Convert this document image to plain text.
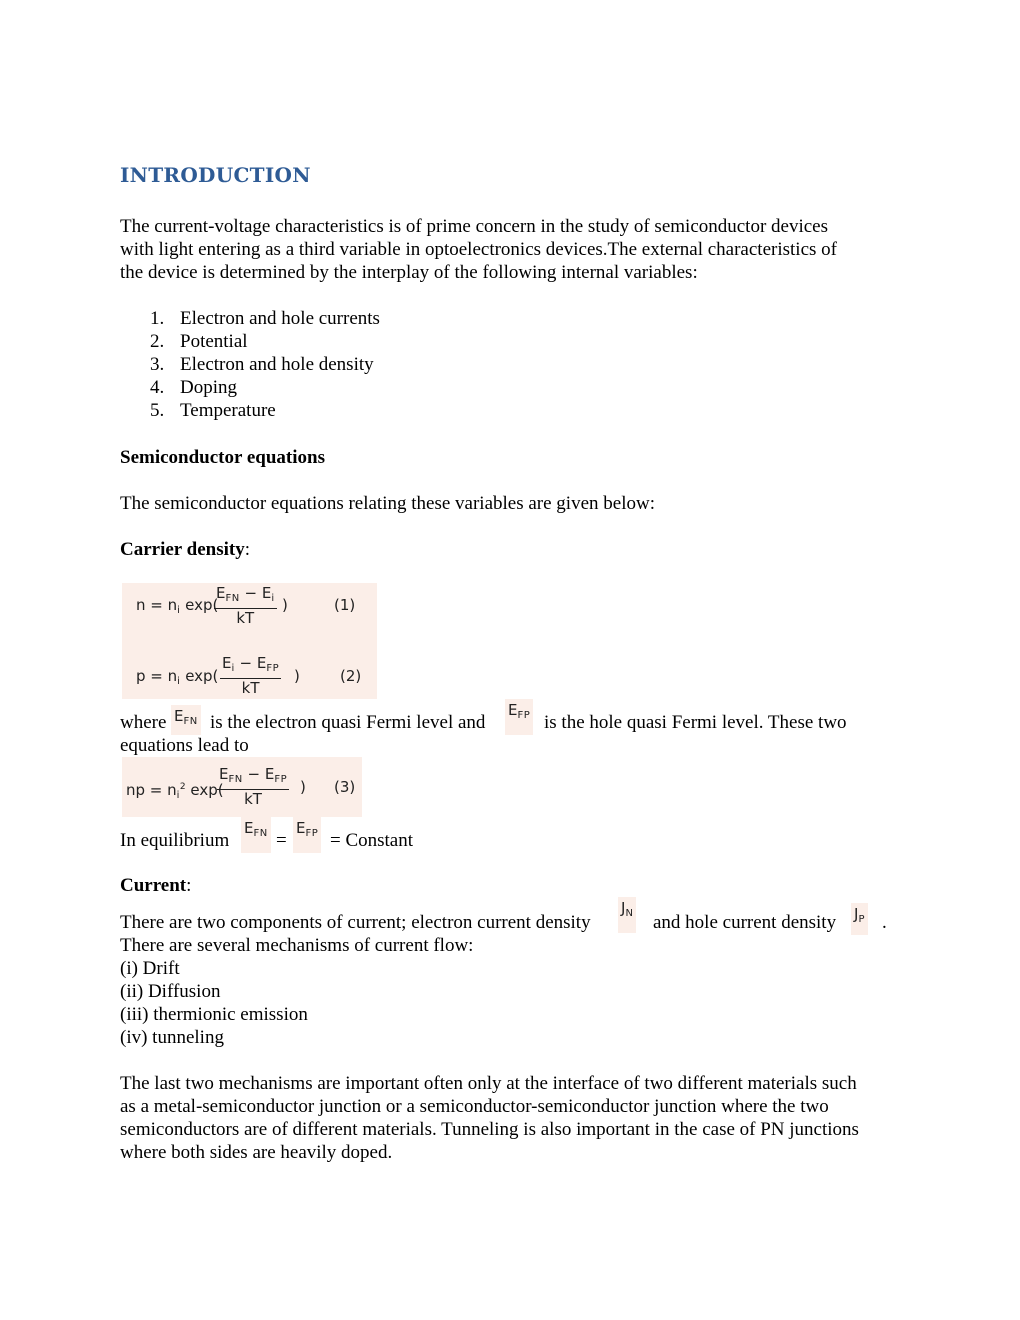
INTRODUCTION
The current-voltage characteristics is of prime concern in the study of semiconductor devices
with light entering as a third variable in optoelectronics devices.The external characteristics of
the device is determined by the interplay of the following internal variables:
1. Electron and hole currents
2. Potential
3. Electron and hole density
4. Doping
5. Temperature
Semiconductor equations
The semiconductor equations relating these variables are given below:
Carrier density:
$n = n_i$ exp(
$E_{FN} - E_i$
kT
)	(1)
$p = n_i$ exp(
$E_i - E_{FP}$
kT
)	(2)
where $E_{FN}$ is the electron quasi Fermi level and
$E_{FP}$ is the hole quasi Fermi level. These two
equations lead to
np = $n_i^2$ exp(
$E_{FN} - E_{FP}$
kT
) (3)
In equilibrium
$E_{FN}$ =
$E_{FP}$ = Constant
Current:
There are two components of current; electron current density
$J_N$ and hole current density $J_P$ .
There are several mechanisms of current flow:
(i) Drift
(ii) Diffusion
(iii) thermionic emission
(iv) tunneling
The last two mechanisms are important often only at the interface of two different materials such
as a metal-semiconductor junction or a semiconductor-semiconductor junction where the two
semiconductors are of different materials. Tunneling is also important in the case of PN junctions
where both sides are heavily doped.
